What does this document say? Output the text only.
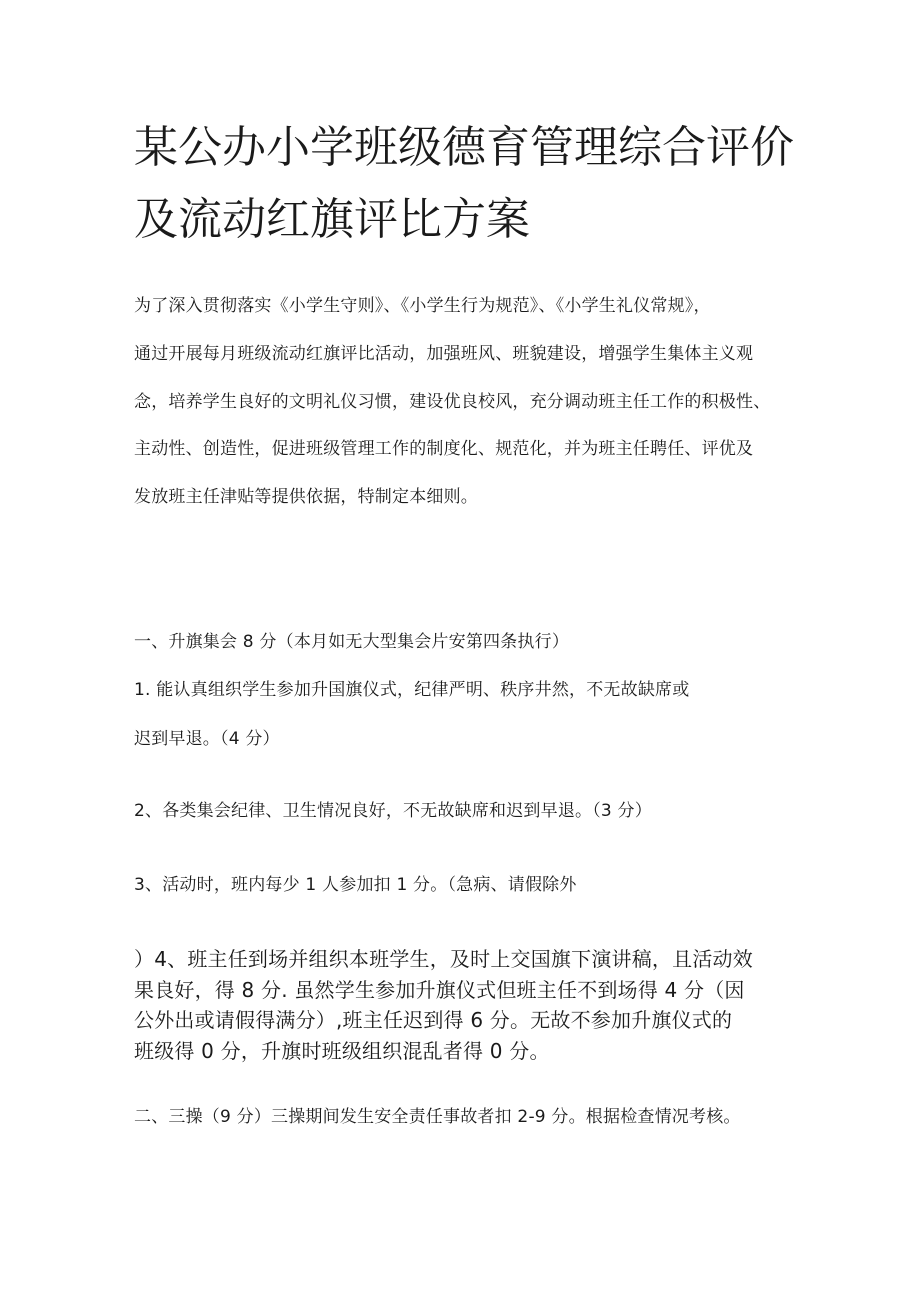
某公办小学班级德育管理综合评价
及流动红旗评比方案
为了深入贯彻落实《小学生守则》、《小学生行为规范》、《小学生礼仪常规》，
通过开展每月班级流动红旗评比活动，加强班风、班貌建设，增强学生集体主义观
念，培养学生良好的文明礼仪习惯，建设优良校风，充分调动班主任工作的积极性、
主动性、创造性，促进班级管理工作的制度化、规范化，并为班主任聘任、评优及
发放班主任津贴等提供依据，特制定本细则。
一、升旗集会 8 分（本月如无大型集会片安第四条执行）
1. 能认真组织学生参加升国旗仪式，纪律严明、秩序井然，不无故缺席或
迟到早退。（4 分）
2、各类集会纪律、卫生情况良好，不无故缺席和迟到早退。（3 分）
3、活动时，班内每少 1 人参加扣 1 分。（急病、请假除外
）4、班主任到场并组织本班学生，及时上交国旗下演讲稿，且活动效
果良好，得 8 分. 虽然学生参加升旗仪式但班主任不到场得 4 分（因
公外出或请假得满分）,班主任迟到得 6 分。无故不参加升旗仪式的
班级得 0 分，升旗时班级组织混乱者得 0 分。
二、三操（9 分）三操期间发生安全责任事故者扣 2-9 分。根据检查情况考核。
